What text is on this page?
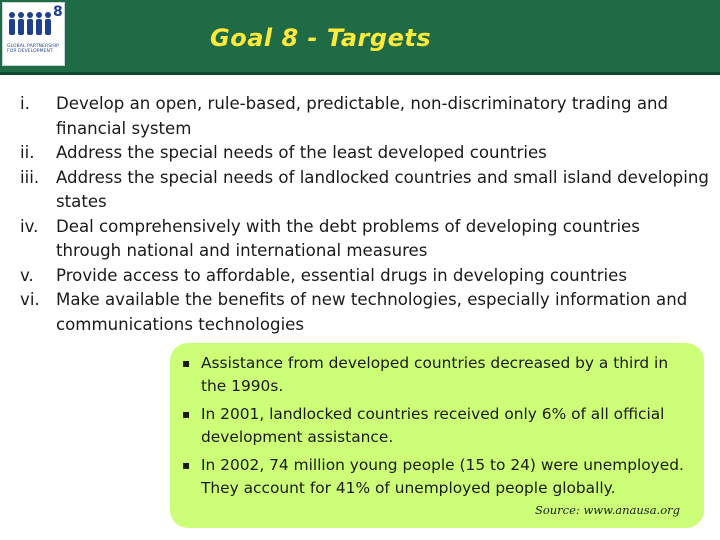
8
GLOBAL PARTNERSHIP FOR DEVELOPMENT	Goal 8 - Targets
i. Develop an open, rule-based, predictable, non-discriminatory trading and financial system
ii. Address the special needs of the least developed countries
iii. Address the special needs of landlocked countries and small island developing states
iv. Deal comprehensively with the debt problems of developing countries through national and international measures
v. Provide access to affordable, essential drugs in developing countries
vi. Make available the benefits of new technologies, especially information and communications technologies
▪ Assistance from developed countries decreased by a third in the 1990s.
▪ In 2001, landlocked countries received only 6% of all official development assistance.
▪ In 2002, 74 million young people (15 to 24) were unemployed. They account for 41% of unemployed people globally.
Source: www.anausa.org
